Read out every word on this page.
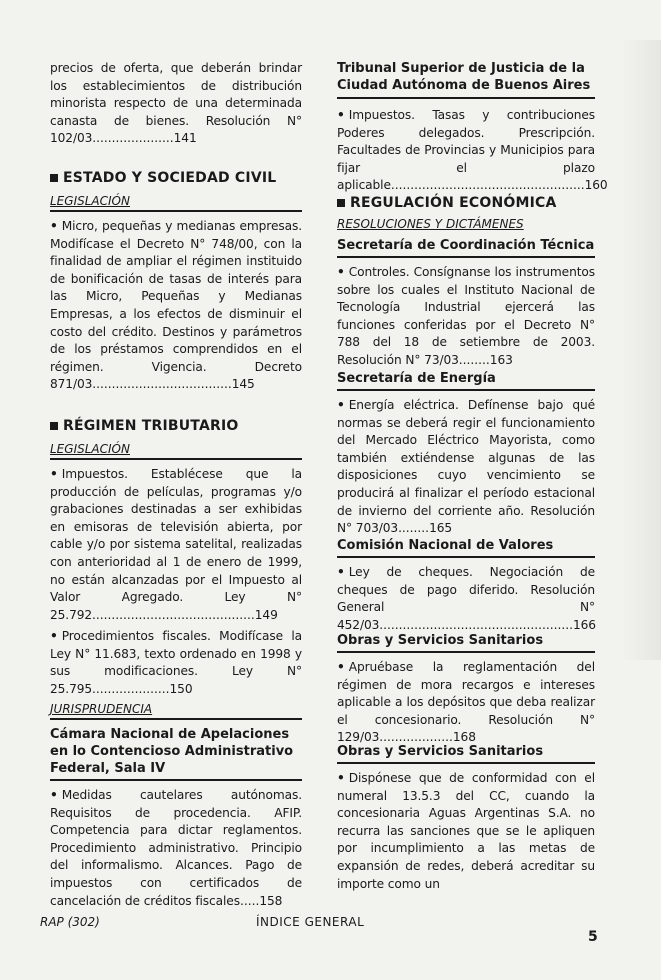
precios de oferta, que deberán brindar los establecimientos de distribución minorista respecto de una determinada canasta de bienes. Resolución N° 102/03.....................141

ESTADO Y SOCIEDAD CIVIL

LEGISLACIÓN

• Micro, pequeñas y medianas empresas. Modifícase el Decreto N° 748/00, con la finalidad de ampliar el régimen instituido de bonificación de tasas de interés para las Micro, Pequeñas y Medianas Empresas, a los efectos de disminuir el costo del crédito. Destinos y parámetros de los préstamos comprendidos en el régimen. Vigencia. Decreto 871/03....................................145

RÉGIMEN TRIBUTARIO

LEGISLACIÓN

• Impuestos. Establécese que la producción de películas, programas y/o grabaciones destinadas a ser exhibidas en emisoras de televisión abierta, por cable y/o por sistema satelital, realizadas con anterioridad al 1 de enero de 1999, no están alcanzadas por el Impuesto al Valor Agregado. Ley N° 25.792..........................................149

• Procedimientos fiscales. Modifícase la Ley N° 11.683, texto ordenado en 1998 y sus modificaciones. Ley N° 25.795....................150

JURISPRUDENCIA

Cámara Nacional de Apelaciones en lo Contencioso Administrativo Federal, Sala IV

• Medidas cautelares autónomas. Requisitos de procedencia. AFIP. Competencia para dictar reglamentos. Procedimiento administrativo. Principio del informalismo. Alcances. Pago de impuestos con certificados de cancelación de créditos fiscales.....158

Tribunal Superior de Justicia de la Ciudad Autónoma de Buenos Aires

• Impuestos. Tasas y contribuciones Poderes delegados. Prescripción. Facultades de Provincias y Municipios para fijar el plazo aplicable..................................................160

REGULACIÓN ECONÓMICA

RESOLUCIONES Y DICTÁMENES

Secretaría de Coordinación Técnica

• Controles. Consígnanse los instrumentos sobre los cuales el Instituto Nacional de Tecnología Industrial ejercerá las funciones conferidas por el Decreto N° 788 del 18 de setiembre de 2003. Resolución N° 73/03........163

Secretaría de Energía

• Energía eléctrica. Defínense bajo qué normas se deberá regir el funcionamiento del Mercado Eléctrico Mayorista, como también extiéndense algunas de las disposiciones cuyo vencimiento se producirá al finalizar el período estacional de invierno del corriente año. Resolución N° 703/03........165

Comisión Nacional de Valores

• Ley de cheques. Negociación de cheques de pago diferido. Resolución General N° 452/03..................................................166

Obras y Servicios Sanitarios

• Apruébase la reglamentación del régimen de mora recargos e intereses aplicable a los depósitos que deba realizar el concesionario. Resolución N° 129/03...................168

Obras y Servicios Sanitarios

• Dispónese que de conformidad con el numeral 13.5.3 del CC, cuando la concesionaria Aguas Argentinas S.A. no recurra las sanciones que se le apliquen por incumplimiento a las metas de expansión de redes, deberá acreditar su importe como un

RAP (302)	ÍNDICE GENERAL
5
